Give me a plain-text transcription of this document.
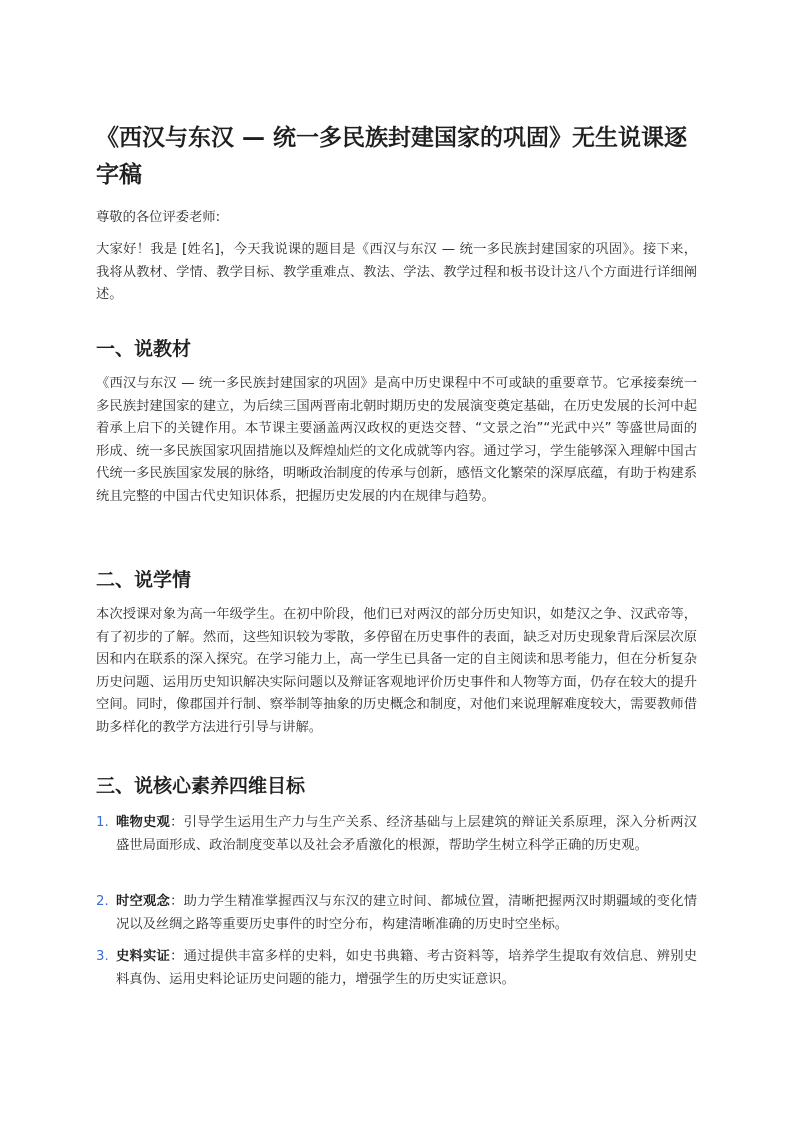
《西汉与东汉 — 统一多民族封建国家的巩固》无生说课逐字稿

尊敬的各位评委老师:

大家好！我是 [姓名]，今天我说课的题目是《西汉与东汉 — 统一多民族封建国家的巩固》。接下来，我将从教材、学情、教学目标、教学重难点、教法、学法、教学过程和板书设计这八个方面进行详细阐述。

一、说教材

《西汉与东汉 — 统一多民族封建国家的巩固》是高中历史课程中不可或缺的重要章节。它承接秦统一多民族封建国家的建立，为后续三国两晋南北朝时期历史的发展演变奠定基础，在历史发展的长河中起着承上启下的关键作用。本节课主要涵盖两汉政权的更迭交替、“文景之治”“光武中兴” 等盛世局面的形成、统一多民族国家巩固措施以及辉煌灿烂的文化成就等内容。通过学习，学生能够深入理解中国古代统一多民族国家发展的脉络，明晰政治制度的传承与创新，感悟文化繁荣的深厚底蕴，有助于构建系统且完整的中国古代史知识体系，把握历史发展的内在规律与趋势。

二、说学情

本次授课对象为高一年级学生。在初中阶段，他们已对两汉的部分历史知识，如楚汉之争、汉武帝等，有了初步的了解。然而，这些知识较为零散，多停留在历史事件的表面，缺乏对历史现象背后深层次原因和内在联系的深入探究。在学习能力上，高一学生已具备一定的自主阅读和思考能力，但在分析复杂历史问题、运用历史知识解决实际问题以及辩证客观地评价历史事件和人物等方面，仍存在较大的提升空间。同时，像郡国并行制、察举制等抽象的历史概念和制度，对他们来说理解难度较大，需要教师借助多样化的教学方法进行引导与讲解。

三、说核心素养四维目标
1. 唯物史观：引导学生运用生产力与生产关系、经济基础与上层建筑的辩证关系原理，深入分析两汉盛世局面形成、政治制度变革以及社会矛盾激化的根源，帮助学生树立科学正确的历史观。
2. 时空观念：助力学生精准掌握西汉与东汉的建立时间、都城位置，清晰把握两汉时期疆域的变化情况以及丝绸之路等重要历史事件的时空分布，构建清晰准确的历史时空坐标。
3. 史料实证：通过提供丰富多样的史料，如史书典籍、考古资料等，培养学生提取有效信息、辨别史料真伪、运用史料论证历史问题的能力，增强学生的历史实证意识。
